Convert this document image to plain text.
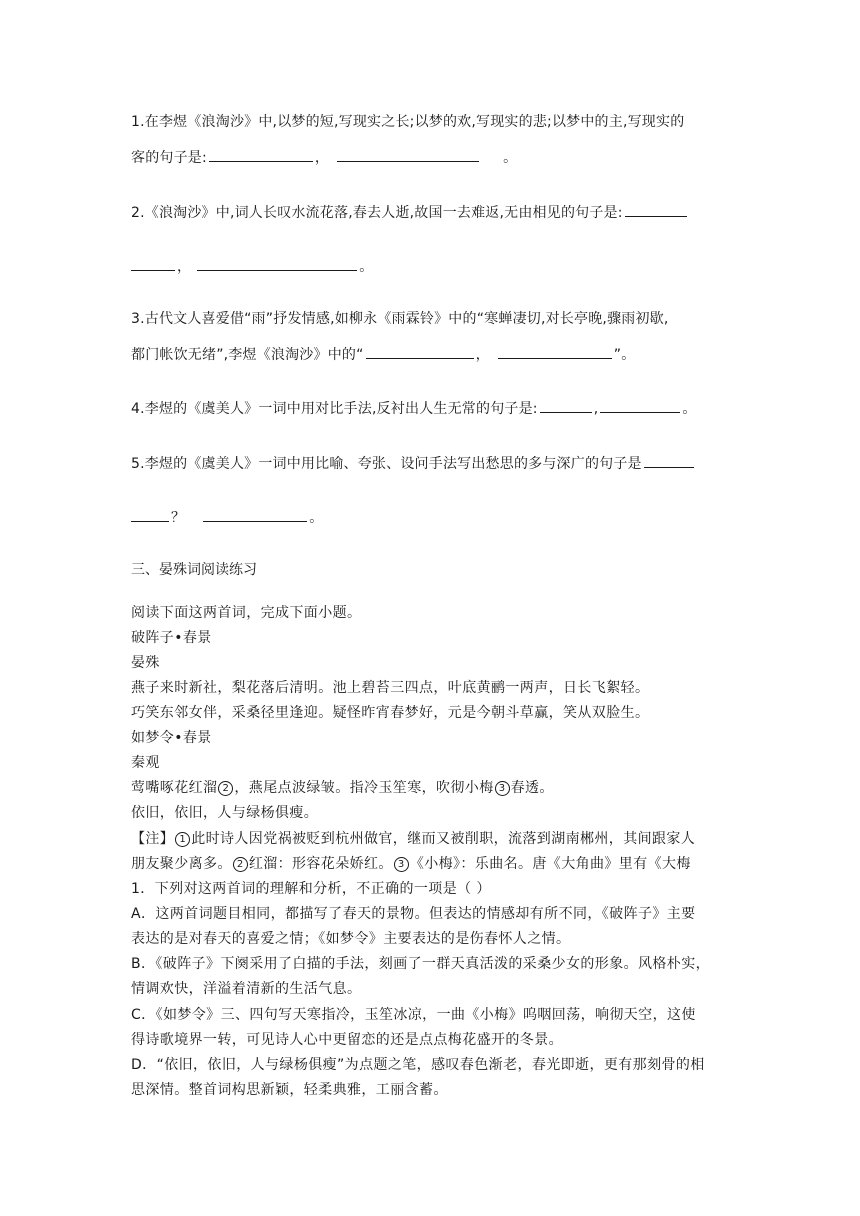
1.在李煜《浪淘沙》中,以梦的短,写现实之长;以梦的欢,写现实的悲;以梦中的主,写现实的
客的句子是:	，	。
2.《浪淘沙》中,词人长叹水流花落,春去人逝,故国一去难返,无由相见的句子是:
，	。
3.古代文人喜爱借“雨”抒发情感,如柳永《雨霖铃》中的“寒蝉凄切,对长亭晚,骤雨初歇,
都门帐饮无绪”,李煜《浪淘沙》中的“	，	”。
4.李煜的《虞美人》一词中用对比手法,反衬出人生无常的句子是:	,	。
5.李煜的《虞美人》一词中用比喻、夸张、设问手法写出愁思的多与深广的句子是
？	。
三、晏殊词阅读练习
阅读下面这两首词，完成下面小题。
破阵子•春景
晏殊
燕子来时新社，梨花落后清明。池上碧苔三四点，叶底黄鹂一两声，日长飞絮轻。
巧笑东邻女伴，采桑径里逢迎。疑怪昨宵春梦好，元是今朝斗草赢，笑从双脸生。
如梦令•春景
秦观
莺嘴啄花红溜 2 ，燕尾点波绿皱。指冷玉笙寒，吹彻小梅 3 春透。
依旧，依旧，人与绿杨俱瘦。
【注】 1 此时诗人因党祸被贬到杭州做官，继而又被削职，流落到湖南郴州，其间跟家人
朋友聚少离多。 2 红溜：形容花朵娇红。 3 《小梅》：乐曲名。唐《大角曲》里有《大梅
1．下列对这两首词的理解和分析，不正确的一项是（ ）
A．这两首词题目相同，都描写了春天的景物。但表达的情感却有所不同，《破阵子》主要
表达的是对春天的喜爱之情；《如梦令》主要表达的是伤春怀人之情。
B．《破阵子》下阕采用了白描的手法，刻画了一群天真活泼的采桑少女的形象。风格朴实，
情调欢快，洋溢着清新的生活气息。
C．《如梦令》三、四句写天寒指冷，玉笙冰凉，一曲《小梅》呜咽回荡，响彻天空，这使
得诗歌境界一转，可见诗人心中更留恋的还是点点梅花盛开的冬景。
D．“依旧，依旧，人与绿杨俱瘦”为点题之笔，感叹春色渐老，春光即逝，更有那刻骨的相
思深情。整首词构思新颖，轻柔典雅，工丽含蓄。
